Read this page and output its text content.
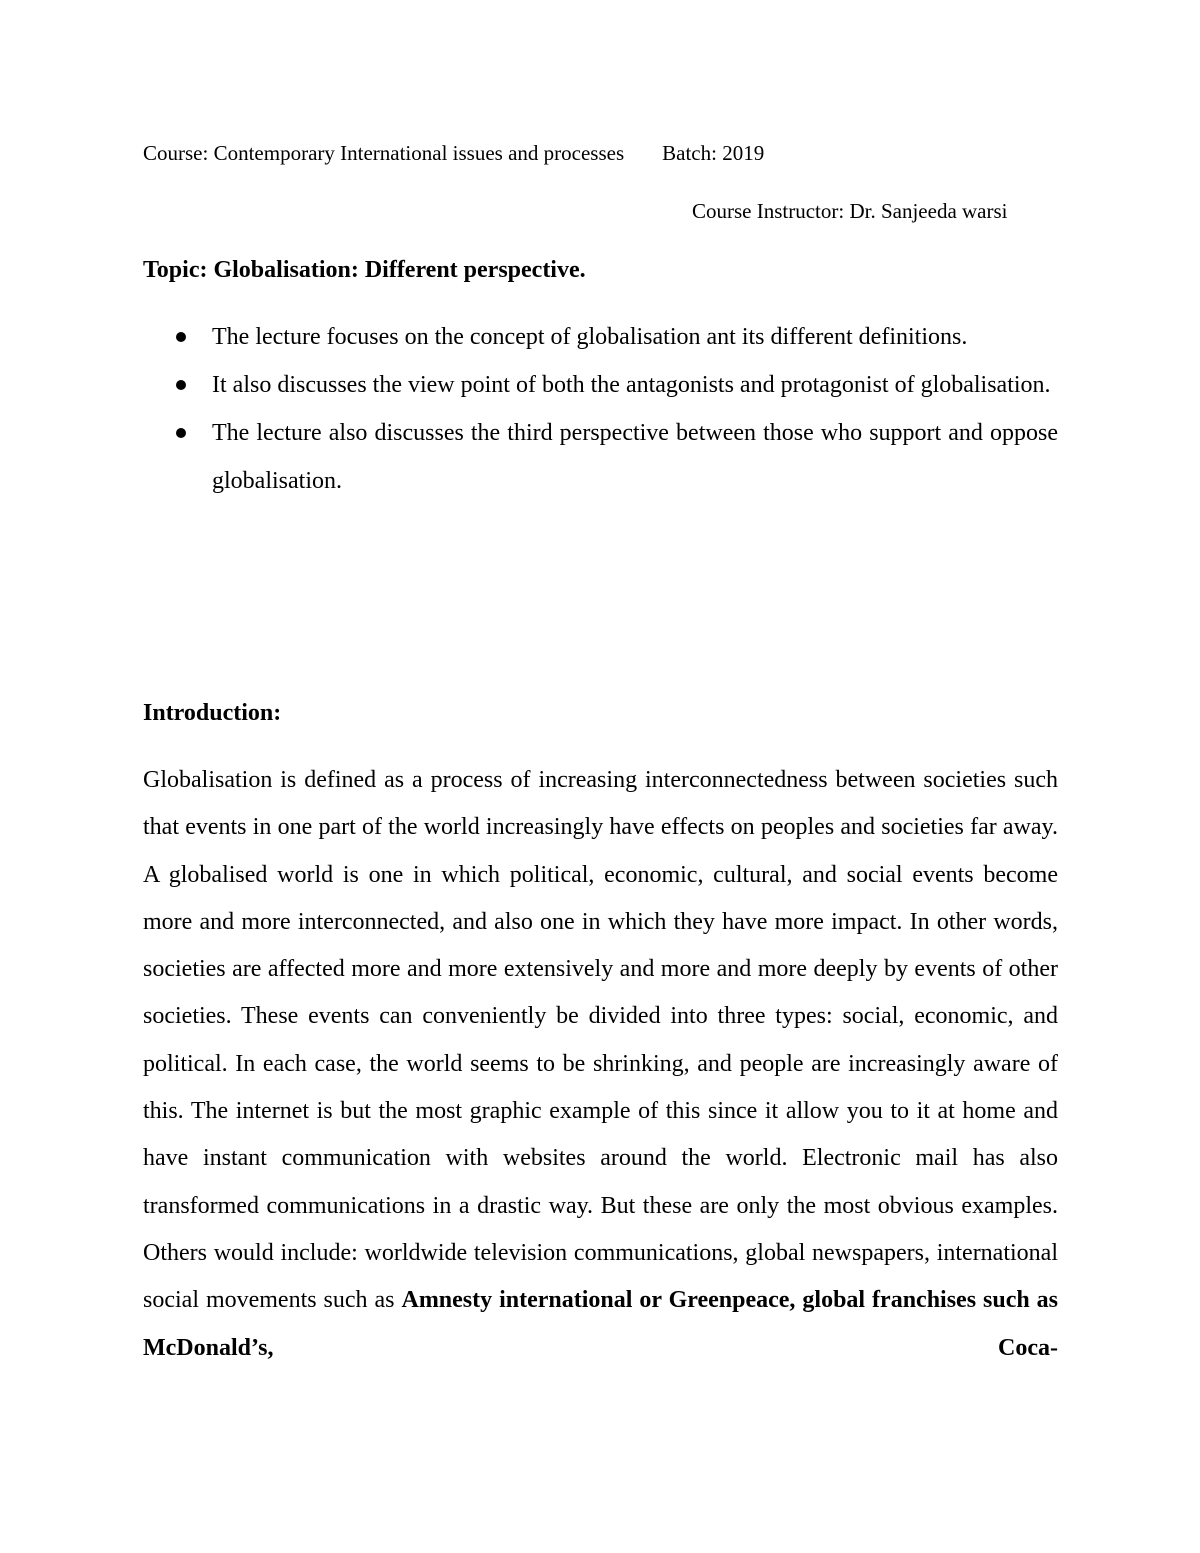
Course: Contemporary International issues and processes Batch: 2019
Course Instructor: Dr. Sanjeeda warsi
Topic: Globalisation: Different perspective.
The lecture focuses on the concept of globalisation ant its different definitions.
It also discusses the view point of both the antagonists and protagonist of globalisation.
The lecture also discusses the third perspective between those who support and oppose globalisation.
Introduction:

Globalisation is defined as a process of increasing interconnectedness between societies such that events in one part of the world increasingly have effects on peoples and societies far away. A globalised world is one in which political, economic, cultural, and social events become more and more interconnected, and also one in which they have more impact. In other words, societies are affected more and more extensively and more and more deeply by events of other societies. These events can conveniently be divided into three types: social, economic, and political. In each case, the world seems to be shrinking, and people are increasingly aware of this. The internet is but the most graphic example of this since it allow you to it at home and have instant communication with websites around the world. Electronic mail has also transformed communications in a drastic way. But these are only the most obvious examples. Others would include: worldwide television communications, global newspapers, international social movements such as Amnesty international or Greenpeace, global franchises such as McDonald’s, Coca-
